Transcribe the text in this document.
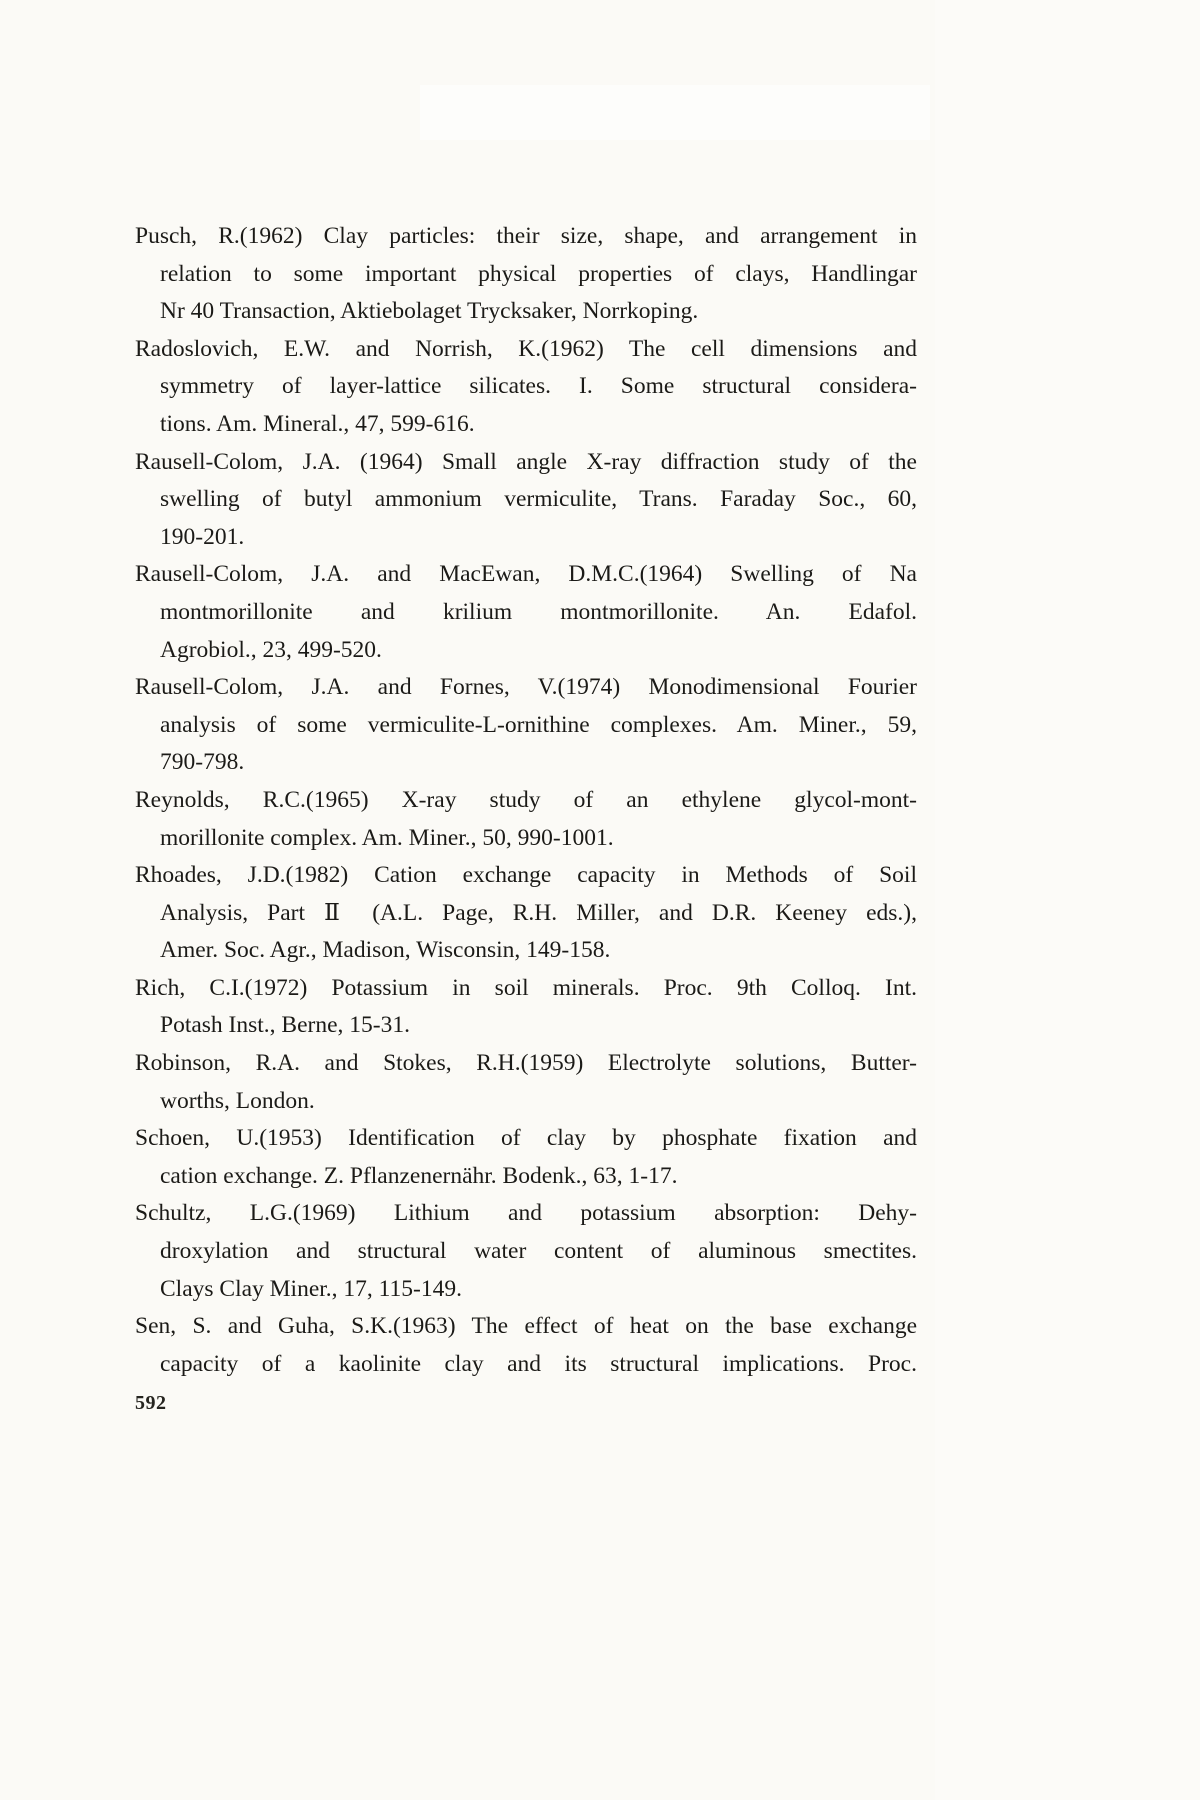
Pusch, R.(1962) Clay particles: their size, shape, and arrangement in
relation to some important physical properties of clays, Handlingar
Nr 40 Transaction, Aktiebolaget Trycksaker, Norrkoping.

Radoslovich, E.W. and Norrish, K.(1962) The cell dimensions and
symmetry of layer-lattice silicates. I. Some structural considera-
tions. Am. Mineral., 47, 599-616.

Rausell-Colom, J.A. (1964) Small angle X-ray diffraction study of the
swelling of butyl ammonium vermiculite, Trans. Faraday Soc., 60,
190-201.

Rausell-Colom, J.A. and MacEwan, D.M.C.(1964) Swelling of Na
montmorillonite and krilium montmorillonite. An. Edafol.
Agrobiol., 23, 499-520.

Rausell-Colom, J.A. and Fornes, V.(1974) Monodimensional Fourier
analysis of some vermiculite-L-ornithine complexes. Am. Miner., 59,
790-798.

Reynolds, R.C.(1965) X-ray study of an ethylene glycol-mont-
morillonite complex. Am. Miner., 50, 990-1001.

Rhoades, J.D.(1982) Cation exchange capacity in Methods of Soil
Analysis, Part Ⅱ (A.L. Page, R.H. Miller, and D.R. Keeney eds.),
Amer. Soc. Agr., Madison, Wisconsin, 149-158.

Rich, C.I.(1972) Potassium in soil minerals. Proc. 9th Colloq. Int.
Potash Inst., Berne, 15-31.

Robinson, R.A. and Stokes, R.H.(1959) Electrolyte solutions, Butter-
worths, London.

Schoen, U.(1953) Identification of clay by phosphate fixation and
cation exchange. Z. Pflanzenernähr. Bodenk., 63, 1-17.

Schultz, L.G.(1969) Lithium and potassium absorption: Dehy-
droxylation and structural water content of aluminous smectites.
Clays Clay Miner., 17, 115-149.

Sen, S. and Guha, S.K.(1963) The effect of heat on the base exchange
capacity of a kaolinite clay and its structural implications. Proc.

592
